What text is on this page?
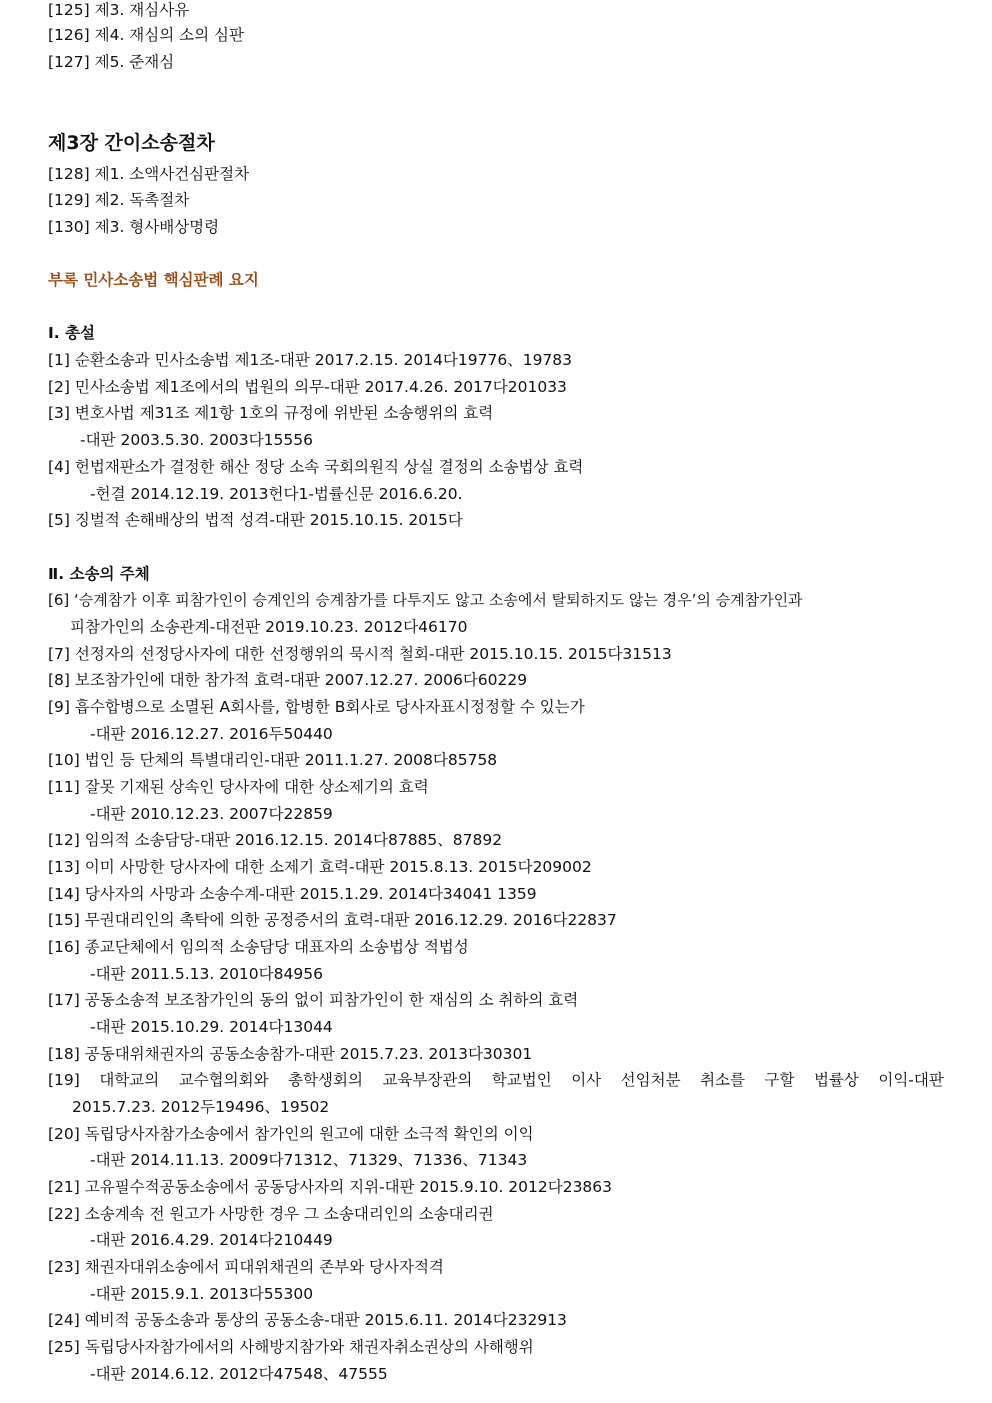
[125] 제3. 재심사유
[126] 제4. 재심의 소의 심판
[127] 제5. 준재심
제3장 간이소송절차
[128] 제1. 소액사건심판절차
[129] 제2. 독촉절차
[130] 제3. 형사배상명령
부록 민사소송법 핵심판례 요지
Ⅰ. 총설
[1] 순환소송과 민사소송법 제1조-대판 2017.2.15. 2014다19776、19783
[2] 민사소송법 제1조에서의 법원의 의무-대판 2017.4.26. 2017다201033
[3] 변호사법 제31조 제1항 1호의 규정에 위반된 소송행위의 효력
-대판 2003.5.30. 2003다15556
[4] 헌법재판소가 결정한 해산 정당 소속 국회의원직 상실 결정의 소송법상 효력
-헌결 2014.12.19. 2013헌다1-법률신문 2016.6.20.
[5] 징벌적 손해배상의 법적 성격-대판 2015.10.15. 2015다
Ⅱ. 소송의 주체
[6] ‘승계참가 이후 피참가인이 승계인의 승계참가를 다투지도 않고 소송에서 탈퇴하지도 않는 경우’의 승계참가인과
피참가인의 소송관계-대전판 2019.10.23. 2012다46170
[7] 선정자의 선정당사자에 대한 선정행위의 묵시적 철회-대판 2015.10.15. 2015다31513
[8] 보조참가인에 대한 참가적 효력-대판 2007.12.27. 2006다60229
[9] 흡수합병으로 소멸된 A회사를, 합병한 B회사로 당사자표시정정할 수 있는가
-대판 2016.12.27. 2016두50440
[10] 법인 등 단체의 특별대리인-대판 2011.1.27. 2008다85758
[11] 잘못 기재된 상속인 당사자에 대한 상소제기의 효력
-대판 2010.12.23. 2007다22859
[12] 임의적 소송담당-대판 2016.12.15. 2014다87885、87892
[13] 이미 사망한 당사자에 대한 소제기 효력-대판 2015.8.13. 2015다209002
[14] 당사자의 사망과 소송수계-대판 2015.1.29. 2014다34041 1359
[15] 무권대리인의 촉탁에 의한 공정증서의 효력-대판 2016.12.29. 2016다22837
[16] 종교단체에서 임의적 소송담당 대표자의 소송법상 적법성
-대판 2011.5.13. 2010다84956
[17] 공동소송적 보조참가인의 동의 없이 피참가인이 한 재심의 소 취하의 효력
-대판 2015.10.29. 2014다13044
[18] 공동대위채권자의 공동소송참가-대판 2015.7.23. 2013다30301
[19] 대학교의 교수협의회와 총학생회의 교육부장관의 학교법인 이사 선임처분 취소를 구할 법률상 이익-대판
2015.7.23. 2012두19496、19502
[20] 독립당사자참가소송에서 참가인의 원고에 대한 소극적 확인의 이익
-대판 2014.11.13. 2009다71312、71329、71336、71343
[21] 고유필수적공동소송에서 공동당사자의 지위-대판 2015.9.10. 2012다23863
[22] 소송계속 전 원고가 사망한 경우 그 소송대리인의 소송대리권
-대판 2016.4.29. 2014다210449
[23] 채권자대위소송에서 피대위채권의 존부와 당사자적격
-대판 2015.9.1. 2013다55300
[24] 예비적 공동소송과 통상의 공동소송-대판 2015.6.11. 2014다232913
[25] 독립당사자참가에서의 사해방지참가와 채권자취소권상의 사해행위
-대판 2014.6.12. 2012다47548、47555
